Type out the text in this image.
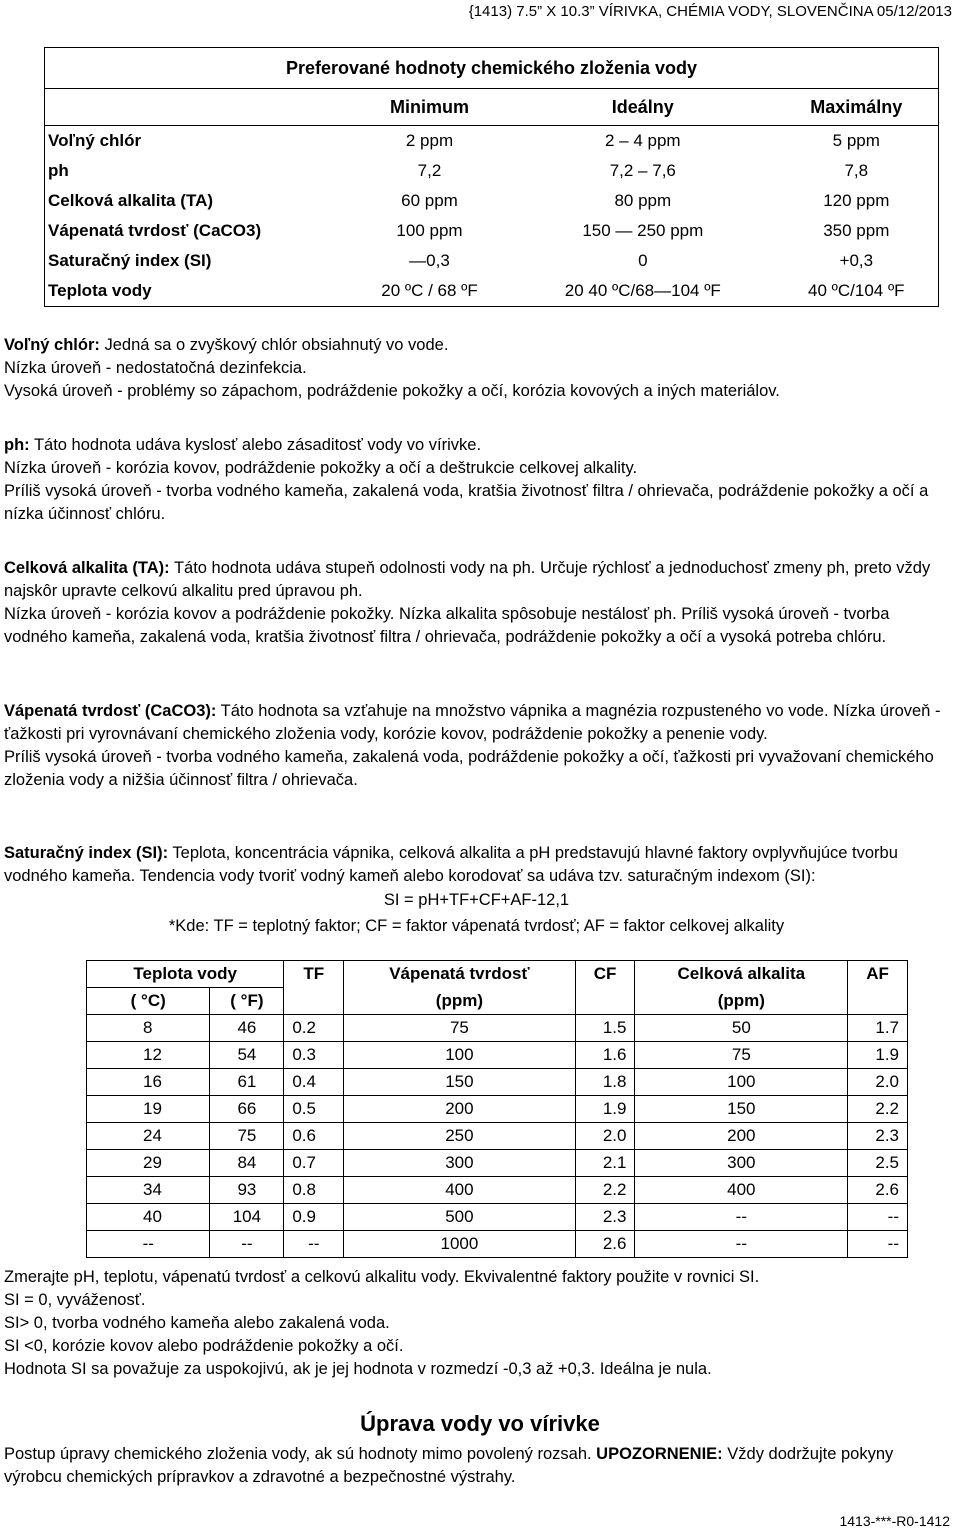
{1413) 7.5” X 10.3” VÍRIVKA, CHÉMIA VODY, SLOVENČINA 05/12/2013
Preferované hodnoty chemického zloženia vody			
	Minimum	Ideálny	Maximálny
Voľný chlór	2 ppm	2 – 4 ppm	5 ppm
ph	7,2	7,2 – 7,6	7,8
Celková alkalita (TA)	60 ppm	80 ppm	120 ppm
Vápenatá tvrdosť (CaCO3)	100 ppm	150 — 250 ppm	350 ppm
Saturačný index (SI)	—0,3	0	+0,3
Teplota vody	20 ºC / 68 ºF	20 40 ºC/68—104 ºF	40 ºC/104 ºF

Voľný chlór: Jedná sa o zvyškový chlór obsiahnutý vo vode.

Nízka úroveň - nedostatočná dezinfekcia.

Vysoká úroveň - problémy so zápachom, podráždenie pokožky a očí, korózia kovových a iných materiálov.

ph: Táto hodnota udáva kyslosť alebo zásaditosť vody vo vírivke.

Nízka úroveň - korózia kovov, podráždenie pokožky a očí a deštrukcie celkovej alkality.

Príliš vysoká úroveň - tvorba vodného kameňa, zakalená voda, kratšia životnosť filtra / ohrievača, podráždenie pokožky a očí a nízka účinnosť chlóru.

Celková alkalita (TA): Táto hodnota udáva stupeň odolnosti vody na ph. Určuje rýchlosť a jednoduchosť zmeny ph, preto vždy najskôr upravte celkovú alkalitu pred úpravou ph.

Nízka úroveň - korózia kovov a podráždenie pokožky. Nízka alkalita spôsobuje nestálosť ph. Príliš vysoká úroveň - tvorba vodného kameňa, zakalená voda, kratšia životnosť filtra / ohrievača, podráždenie pokožky a očí a vysoká potreba chlóru.

Vápenatá tvrdosť (CaCO3): Táto hodnota sa vzťahuje na množstvo vápnika a magnézia rozpusteného vo vode. Nízka úroveň - ťažkosti pri vyrovnávaní chemického zloženia vody, korózie kovov, podráždenie pokožky a penenie vody.

Príliš vysoká úroveň - tvorba vodného kameňa, zakalená voda, podráždenie pokožky a očí, ťažkosti pri vyvažovaní chemického zloženia vody a nižšia účinnosť filtra / ohrievača.

Saturačný index (SI): Teplota, koncentrácia vápnika, celková alkalita a pH predstavujú hlavné faktory ovplyvňujúce tvorbu vodného kameňa. Tendencia vody tvoriť vodný kameň alebo korodovať sa udáva tzv. saturačným indexom (SI):

SI = pH+TF+CF+AF-12,1

*Kde: TF = teplotný faktor; CF = faktor vápenatá tvrdosť; AF = faktor celkovej alkality

Teplota vody		TF	Vápenatá tvrdosť	CF	Celková alkalita	AF
( °C)	( °F)		(ppm)		(ppm)	
8	46	0.2	75	1.5	50	1.7
12	54	0.3	100	1.6	75	1.9
16	61	0.4	150	1.8	100	2.0
19	66	0.5	200	1.9	150	2.2
24	75	0.6	250	2.0	200	2.3
29	84	0.7	300	2.1	300	2.5
34	93	0.8	400	2.2	400	2.6
40	104	0.9	500	2.3	--	--
--	--	--	1000	2.6	--	--

Zmerajte pH, teplotu, vápenatú tvrdosť a celkovú alkalitu vody. Ekvivalentné faktory použite v rovnici SI.

SI = 0, vyváženosť.

SI> 0, tvorba vodného kameňa alebo zakalená voda.

SI <0, korózie kovov alebo podráždenie pokožky a očí.

Hodnota SI sa považuje za uspokojivú, ak je jej hodnota v rozmedzí -0,3 až +0,3. Ideálna je nula.

Úprava vody vo vírivke

Postup úpravy chemického zloženia vody, ak sú hodnoty mimo povolený rozsah. UPOZORNENIE: Vždy dodržujte pokyny výrobcu chemických prípravkov a zdravotné a bezpečnostné výstrahy.

1413-***-R0-1412
